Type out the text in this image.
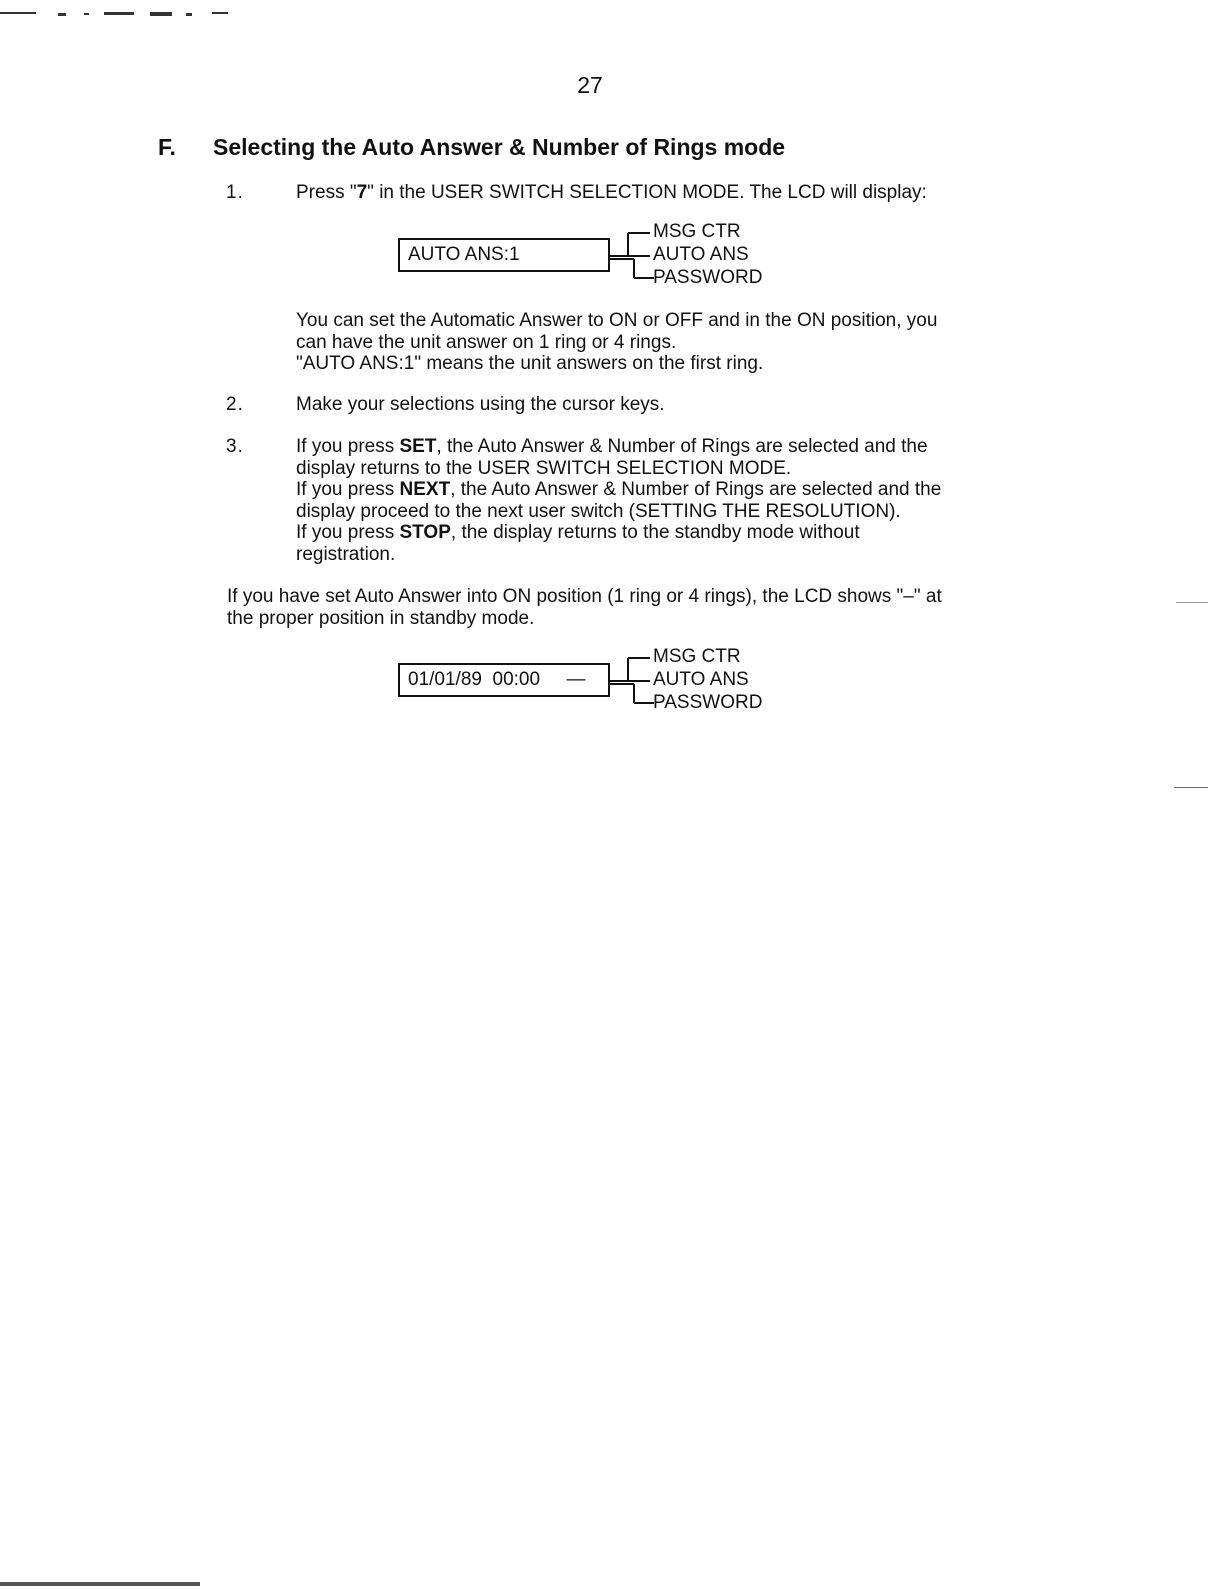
27
F. Selecting the Auto Answer & Number of Rings mode
1.	Press "7" in the USER SWITCH SELECTION MODE. The LCD will display:
AUTO ANS:1
MSG CTR
AUTO ANS
PASSWORD
You can set the Automatic Answer to ON or OFF and in the ON position, you
can have the unit answer on 1 ring or 4 rings.
"AUTO ANS:1" means the unit answers on the first ring.
2.	Make your selections using the cursor keys.
3.	If you press SET, the Auto Answer & Number of Rings are selected and the
display returns to the USER SWITCH SELECTION MODE.
If you press NEXT, the Auto Answer & Number of Rings are selected and the
display proceed to the next user switch (SETTING THE RESOLUTION).
If you press STOP, the display returns to the standby mode without
registration.
If you have set Auto Answer into ON position (1 ring or 4 rings), the LCD shows "–" at
the proper position in standby mode.
01/01/89  00:00     —
MSG CTR
AUTO ANS
PASSWORD
